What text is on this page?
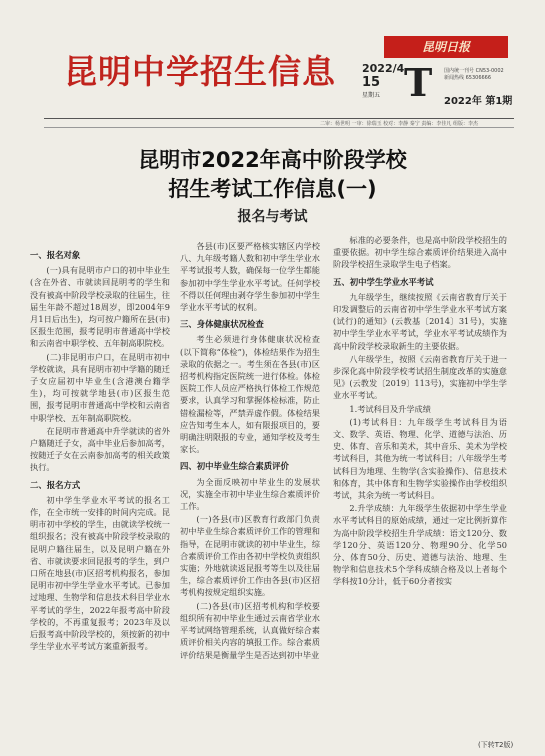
昆明中学招生信息
昆明日报
2022/4
15
星期五 T 国内统一刊号 CN53-0002
新闻热线 65306666
2022年 第1期
二审：杨世明 一审：徐瑞玉 校对：李静 秦宁 责编：李佳凡 组版：李杰
昆明市2022年高中阶段学校
招生考试工作信息(一)
报名与考试
一、报名对象

(一)具有昆明市户口的初中毕业生(含在外省、市就读回昆明考的学生和没有被高中阶段学校录取的往届生，往届生年龄不超过18周岁，即2004年9月1日后出生)，均可按户籍所在县(市)区报生范围，报考昆明市普通高中学校和云南省中职学校、五年制高职院校。

(二)非昆明市户口，在昆明市初中学校就读，具有昆明市初中学籍的随迁子女应届初中毕业生(含港澳台籍学生)，均可按就学地县(市)区报生范围，报考昆明市普通高中学校和云南省中职学校、五年制高职院校。

在昆明市普通高中升学就读的省外户籍随迁子女，高中毕业后参加高考，按随迁子女在云南参加高考的相关政策执行。

二、报名方式

初中学生学业水平考试的报名工作，在全市统一安排的时间内完成。昆明市初中学校的学生，由就读学校统一组织报名；没有被高中阶段学校录取的昆明户籍往届生，以及昆明户籍在外省、市就读要求回昆报考的学生，到户口所在地县(市)区招考机构报名，参加昆明市初中学生学业水平考试。已参加过地理、生物学和信息技术科目学业水平考试的学生，2022年报考高中阶段学校的，不再重复报考；2023年及以后报考高中阶段学校的，须按新的初中学生学业水平考试方案重新报考。

各县(市)区要严格核实辖区内学校八、九年级考籍人数和初中学生学业水平考试报考人数，确保每一位学生都能参加初中学生学业水平考试。任何学校不得以任何理由剥夺学生参加初中学生学业水平考试的权利。

三、身体健康状况检查

考生必须进行身体健康状况检查(以下简称“体检”)，体检结果作为招生录取的依据之一。考生须在各县(市)区招考机构指定医院统一进行体检。体检医院工作人员应严格执行体检工作规范要求，认真学习和掌握体检标准，防止错检漏检等，严禁弄虚作假。体检结果应告知考生本人，如有限报项目的，要明确注明限报的专业，通知学校及考生家长。

四、初中毕业生综合素质评价

为全面反映初中毕业生的发展状况，实施全市初中毕业生综合素质评价工作。

(一)各县(市)区教育行政部门负责初中毕业生综合素质评价工作的管理和指导，在昆明市就读的初中毕业生，综合素质评价工作由各初中学校负责组织实施；外地就读返昆报考等生以及往届生，综合素质评价工作由各县(市)区招考机构按规定组织实施。

(二)各县(市)区招考机构和学校要组织所有初中毕业生通过云南省学业水平考试网络管理系统，认真做好综合素质评价相关内容的填报工作。综合素质评价结果是衡量学生是否达到初中毕业

标准的必要条件，也是高中阶段学校招生的重要依据。初中学生综合素质评价结果进入高中阶段学校招生录取学生电子档案。

五、初中学生学业水平考试

九年级学生，继续按照《云南省教育厅关于印发调整后的云南省初中学生学业水平考试方案(试行)的通知》(云教基〔2014〕31号)，实施初中学生学业水平考试，学业水平考试成绩作为高中阶段学校录取新生的主要依据。

八年级学生，按照《云南省教育厅关于进一步深化高中阶段学校考试招生制度改革的实施意见》(云教发〔2019〕113号)，实施初中学生学业水平考试。

1.考试科目及升学成绩

(1)考试科目：九年级学生考试科目为语文、数学、英语、物理、化学、道德与法治、历史、体育、音乐和美术，其中音乐、美术为学校考试科目，其他为统一考试科目；八年级学生考试科目为地理、生物学(含实验操作)、信息技术和体育，其中体育和生物学实验操作由学校组织考试，其余为统一考试科目。

2.升学成绩：九年级学生依据初中学生学业水平考试科目的原始成绩，通过一定比例折算作为高中阶段学校招生升学成绩：语文120分、数学120分、英语120分、物理90分、化学50分、体育50分、历史、道德与法治、地理、生物学和信息技术5个学科成绩合格及以上者每个学科按10分计，低于60分者按实

(下转T2版)
